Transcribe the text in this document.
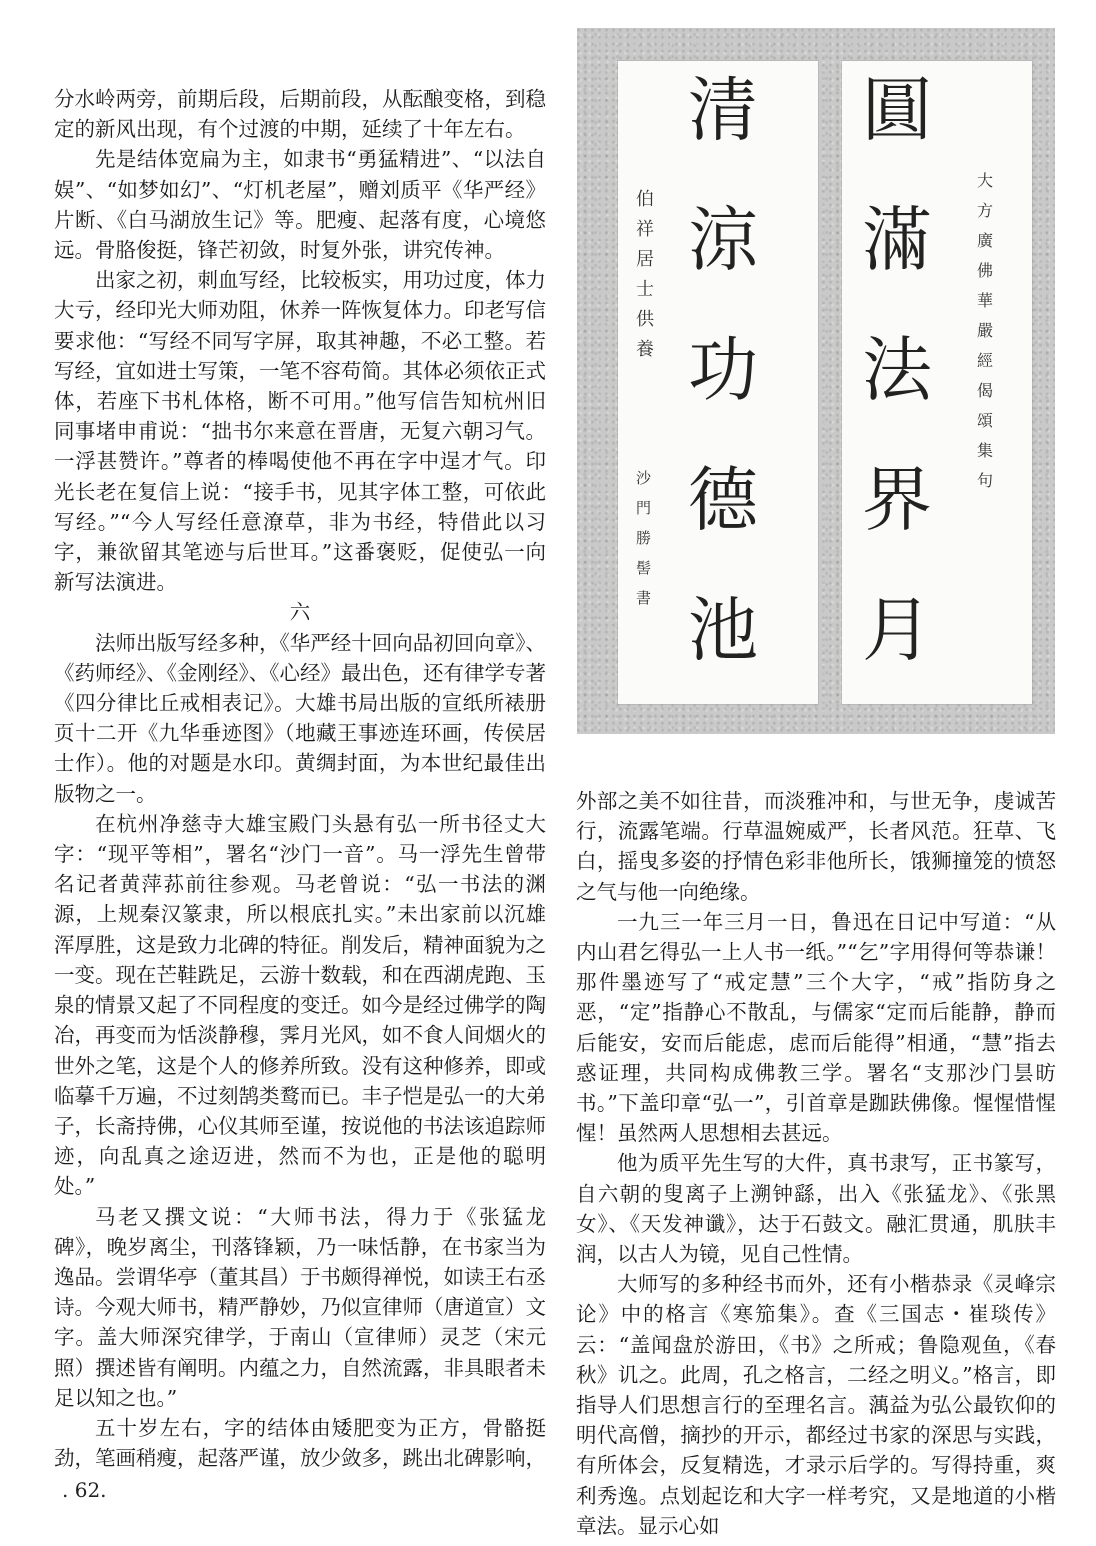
分水岭两旁，前期后段，后期前段，从酝酿变格，到稳定的新风出现，有个过渡的中期，延续了十年左右。

先是结体宽扁为主，如隶书“勇猛精进”、“以法自娱”、“如梦如幻”、“灯机老屋”，赠刘质平《华严经》片断、《白马湖放生记》等。肥瘦、起落有度，心境悠远。骨胳俊挺，锋芒初敛，时复外张，讲究传神。

出家之初，刺血写经，比较板实，用功过度，体力大亏，经印光大师劝阻，休养一阵恢复体力。印老写信要求他：“写经不同写字屏，取其神趣，不必工整。若写经，宜如进士写策，一笔不容苟简。其体必须依正式体，若座下书札体格，断不可用。”他写信告知杭州旧同事堵申甫说：“拙书尔来意在晋唐，无复六朝习气。一浮甚赞许。”尊者的棒喝使他不再在字中逞才气。印光长老在复信上说：“接手书，见其字体工整，可依此写经。”“今人写经任意潦草，非为书经，特借此以习字，兼欲留其笔迹与后世耳。”这番褒贬，促使弘一向新写法演进。

六

法师出版写经多种，《华严经十回向品初回向章》、《药师经》、《金刚经》、《心经》最出色，还有律学专著《四分律比丘戒相表记》。大雄书局出版的宣纸所裱册页十二开《九华垂迹图》（地藏王事迹连环画，传侯居士作）。他的对题是水印。黄绸封面，为本世纪最佳出版物之一。

在杭州净慈寺大雄宝殿门头悬有弘一所书径丈大字：“现平等相”，署名“沙门一音”。马一浮先生曾带名记者黄萍荪前往参观。马老曾说：“弘一书法的渊源，上规秦汉篆隶，所以根底扎实。”未出家前以沉雄浑厚胜，这是致力北碑的特征。削发后，精神面貌为之一变。现在芒鞋跣足，云游十数载，和在西湖虎跑、玉泉的情景又起了不同程度的变迁。如今是经过佛学的陶冶，再变而为恬淡静穆，霁月光风，如不食人间烟火的世外之笔，这是个人的修养所致。没有这种修养，即或临摹千万遍，不过刻鹄类鹜而已。丰子恺是弘一的大弟子，长斋持佛，心仪其师至谨，按说他的书法该追踪师迹，向乱真之途迈进，然而不为也，正是他的聪明处。”

马老又撰文说：“大师书法，得力于《张猛龙碑》，晚岁离尘，刊落锋颖，乃一味恬静，在书家当为逸品。尝谓华亭（董其昌）于书颇得禅悦，如读王右丞诗。今观大师书，精严静妙，乃似宣律师（唐道宣）文字。盖大师深究律学，于南山（宣律师）灵芝（宋元照）撰述皆有阐明。内蕴之力，自然流露，非具眼者未足以知之也。”

五十岁左右，字的结体由矮肥变为正方，骨骼挺劲，笔画稍瘦，起落严谨，放少敛多，跳出北碑影响，

清
涼
功
德
池
伯
祥
居
士
供
養
沙
門
勝
髻
書
圓
滿
法
界
月
大
方
廣
佛
華
嚴
經
偈
頌
集
句

外部之美不如往昔，而淡雅冲和，与世无争，虔诚苦行，流露笔端。行草温婉威严，长者风范。狂草、飞白，摇曳多姿的抒情色彩非他所长，饿狮撞笼的愤怒之气与他一向绝缘。

一九三一年三月一日，鲁迅在日记中写道：“从内山君乞得弘一上人书一纸。”“乞”字用得何等恭谦！那件墨迹写了“戒定慧”三个大字，“戒”指防身之恶，“定”指静心不散乱，与儒家“定而后能静，静而后能安，安而后能虑，虑而后能得”相通，“慧”指去惑证理，共同构成佛教三学。署名“支那沙门昙昉书。”下盖印章“弘一”，引首章是跏趺佛像。惺惺惜惺惺！虽然两人思想相去甚远。

他为质平先生写的大件，真书隶写，正书篆写，自六朝的叟离子上溯钟繇，出入《张猛龙》、《张黑女》、《天发神谶》，达于石鼓文。融汇贯通，肌肤丰润，以古人为镜，见自己性情。

大师写的多种经书而外，还有小楷恭录《灵峰宗论》中的格言《寒笳集》。查《三国志・崔琰传》云：“盖闻盘於游田，《书》之所戒；鲁隐观鱼，《春秋》讥之。此周，孔之格言，二经之明义。”格言，即指导人们思想言行的至理名言。蕅益为弘公最钦仰的明代高僧，摘抄的开示，都经过书家的深思与实践，有所体会，反复精选，才录示后学的。写得持重，爽利秀逸。点划起讫和大字一样考究，又是地道的小楷章法。显示心如

. 62.
